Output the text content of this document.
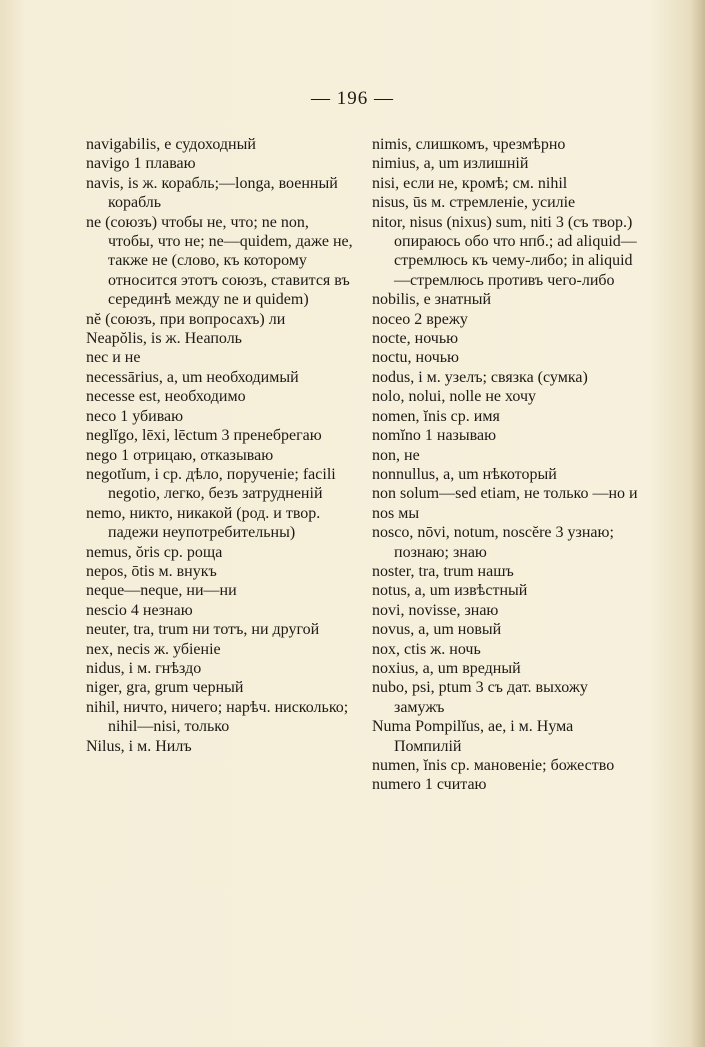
— 196 —
navigabilis, e судоходный
navigo 1 плаваю
navis, is ж. корабль;—longa, военный корабль
ne (союзъ) чтобы не, что; ne non, чтобы, что не; ne—quidem, даже не, также не (слово, къ которому относится этотъ союзъ, ставится въ серединѣ между ne и quidem)
nĕ (союзъ, при вопросахъ) ли
Neapŏlis, is ж. Неаполь
nec и не
necessārius, a, um необходимый
necesse est, необходимо
neco 1 убиваю
neglĭgo, lēxi, lēctum 3 пренебрегаю
nego 1 отрицаю, отказываю
negotĭum, i ср. дѣло, порученіе; facili negotio, легко, безъ затрудненій
nemo, никто, никакой (род. и твор. падежи неупотребительны)
nemus, ŏris ср. роща
nepos, ōtis м. внукъ
neque—neque, ни—ни
nescio 4 незнаю
neuter, tra, trum ни тотъ, ни другой
nex, necis ж. убіеніе
nidus, i м. гнѣздо
niger, gra, grum черный
nihil, ничто, ничего; нарѣч. нисколько; nihil—nisi, только
Nilus, i м. Нилъ
nimis, слишкомъ, чрезмѣрно
nimius, a, um излишній
nisi, если не, кромѣ; см. nihil
nisus, ūs м. стремленіе, усиліе
nitor, nisus (nixus) sum, niti 3 (съ твор.) опираюсь обо что нпб.; ad aliquid—стремлюсь къ чему-либо; in aliquid—стремлюсь противъ чего-либо
nobilis, e знатный
noceo 2 врежу
nocte, ночью
noctu, ночью
nodus, i м. узелъ; связка (сумка)
nolo, nolui, nolle не хочу
nomen, ĭnis ср. имя
nomĭno 1 называю
non, не
nonnullus, a, um нѣкоторый
non solum—sed etiam, не только —но и
nos мы
nosco, nōvi, notum, noscĕre 3 узнаю; познаю; знаю
noster, tra, trum нашъ
notus, a, um извѣстный
novi, novisse, знаю
novus, a, um новый
nox, ctis ж. ночь
noxius, a, um вредный
nubo, psi, ptum 3 съ дат. выхожу замужъ
Numa Pompilĭus, ae, i м. Нума Помпилій
numen, ĭnis ср. мановеніе; божество
numero 1 считаю
